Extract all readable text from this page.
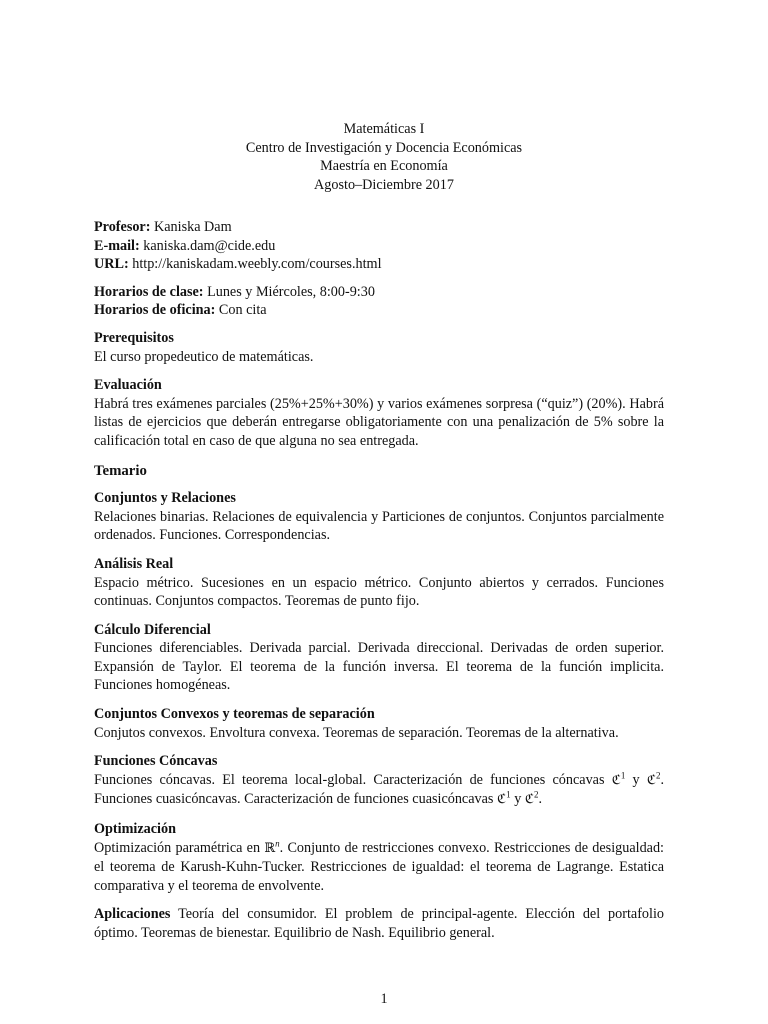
Matemáticas I
Centro de Investigación y Docencia Económicas
Maestría en Economía
Agosto–Diciembre 2017

Profesor: Kaniska Dam

E-mail: kaniska.dam@cide.edu

URL: http://kaniskadam.weebly.com/courses.html

Horarios de clase: Lunes y Miércoles, 8:00-9:30

Horarios de oficina: Con cita

Prerequisitos

El curso propedeutico de matemáticas.

Evaluación

Habrá tres exámenes parciales (25%+25%+30%) y varios exámenes sorpresa (“quiz”) (20%). Habrá listas de ejercicios que deberán entregarse obligatoriamente con una penalización de 5% sobre la calificación total en caso de que alguna no sea entregada.

Temario

Conjuntos y Relaciones

Relaciones binarias. Relaciones de equivalencia y Particiones de conjuntos. Conjuntos parcialmente ordenados. Funciones. Correspondencias.

Análisis Real

Espacio métrico. Sucesiones en un espacio métrico. Conjunto abiertos y cerrados. Funciones continuas. Conjuntos compactos. Teoremas de punto fijo.

Cálculo Diferencial

Funciones diferenciables. Derivada parcial. Derivada direccional. Derivadas de orden superior. Expansión de Taylor. El teorema de la función inversa. El teorema de la función implicita. Funciones homogéneas.

Conjuntos Convexos y teoremas de separación

Conjutos convexos. Envoltura convexa. Teoremas de separación. Teoremas de la alternativa.

Funciones Cóncavas

Funciones cóncavas. El teorema local-global. Caracterización de funciones cóncavas ℭ$^1$ y ℭ$^2$. Funciones cuasicóncavas. Caracterización de funciones cuasicóncavas ℭ$^1$ y ℭ$^2$.

Optimización

Optimización paramétrica en ℝ$^n$. Conjunto de restricciones convexo. Restricciones de desigualdad: el teorema de Karush-Kuhn-Tucker. Restricciones de igualdad: el teorema de Lagrange. Estatica comparativa y el teorema de envolvente.

Aplicaciones Teoría del consumidor. El problem de principal-agente. Elección del portafolio óptimo. Teoremas de bienestar. Equilibrio de Nash. Equilibrio general.

1
